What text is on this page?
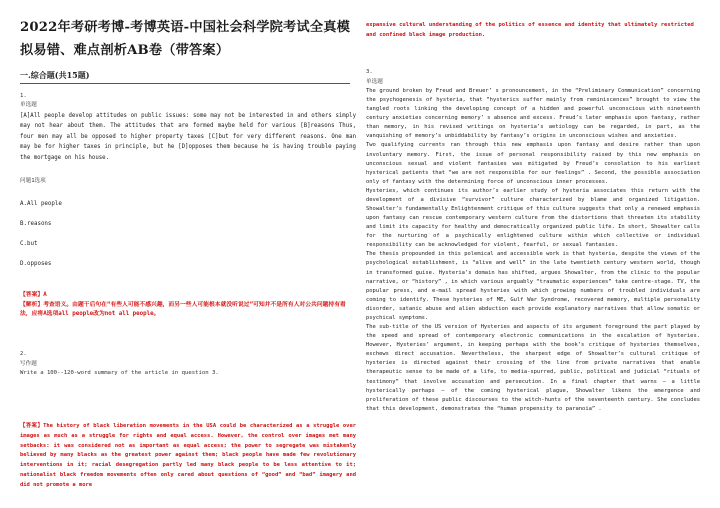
2022年考研考博-考博英语-中国社会科学院考试全真模拟易错、难点剖析AB卷（带答案）
一.综合题(共15题)
1.
单选题
[A]All people develop attitudes on public issues: some may not be interested in and others simply may not hear about them. The attitudes that are formed maybe held for various [B]reasons Thus, four men may all be opposed to higher property taxes [C]but for very different reasons. One man may be for higher taxes in principle, but he [D]opposes them because he is having trouble paying the mortgage on his house.
问题1选项
A.All people
B.reasons
C.but
D.opposes
【答案】A
【解析】考查语义。由题干后句在“有些人可能不感兴趣，而另一些人可能根本就没听说过”可知并不是所有人对公共问题持有看法，应将A选项all people改为not all people。
2.
写作题
Write a 100--120-word summary of the article in question 3.
【答案】The history of black liberation movements in the USA could be characterized as a struggle over images as much as a struggle for rights and equal access. However, the control over images met many setbacks: it was considered not as important as equal access; the power to segregate was mistakenly believed by many blacks as the greatest power against them; black people have made few revolutionary interventions in it; racial desegregation partly led many black people to be less attentive to it; nationalist black freedom movements often only cared about questions of “good” and “bad” imagery and did not promote a more
expansive cultural understanding of the politics of essence and identity that ultimately restricted and confined black image production.
3.
单选题
The ground broken by Freud and Breuer’ s pronouncement, in the “Preliminary Communication” concerning the psychogenesis of hysteria, that “hysterics suffer mainly from reminiscences” brought to view the tangled roots linking the developing concept of a hidden and powerful unconscious with nineteenth century anxieties concerning memory’ s absence and excess. Freud’s later emphasis upon fantasy, rather than memory, in his revised writings on hysteria’s aetiology can be regarded, in part, as the vanquishing of memory’s unbiddability by fantasy’s origins in unconscious wishes and anxieties.
Two qualifying currents ran through this new emphasis upon fantasy and desire rather than upon involuntary memory. First, the issue of personal responsibility raised by this new emphasis on unconscious sexual and violent fantasies was mitigated by Freud’s consolation to his earliest hysterical patients that “we are not responsible for our feelings” . Second, the possible association only of fantasy with the determining force of unconscious inner processes.
Hysteries, which continues its author’s earlier study of hysteria associates this return with the development of a divisive “survivor” culture characterized by blame and organized litigation. Showalter’s fundamentally Enlightenment critique of this culture suggests that only a renewed emphasis upon fantasy can rescue contemporary western culture from the distortions that threaten its stability and limit its capacity for healthy and democratically organized public life. In short, Showalter calls for the nurturing of a psychically enlightened culture within which collective or individual responsibility can be acknowledged for violent, fearful, or sexual fantasies.
The thesis propounded in this polemical and accessible work is that hysteria, despite the views of the psychological establishment, is “alive and well” in the late twentieth century western world, though in transformed guise. Hysteria’s domain has shifted, argues Showalter, from the clinic to the popular narrative, or “history” , in which various arguably “traumatic experiences” take centre-stage. TV, the popular press, and e-mail spread hysteries with which growing numbers of troubled individuals are coming to identify. These hysteries of ME, Gulf War Syndrome, recovered memory, multiple personality disorder, satanic abuse and alien abduction each provide explanatory narratives that allow somatic or psychical symptoms.
The sub-title of the US version of Hysteries and aspects of its argument foreground the part played by the speed and spread of contemporary electronic communications in the escalation of hysteries. However, Hysteries’ argument, in keeping perhaps with the book’s critique of hysteries themselves, eschews direct accusation. Nevertheless, the sharpest edge of Showalter’s cultural critique of hysteries is directed against their crossing of the line from private narratives that enable therapeutic sense to be made of a life, to media-spurred, public, political and judicial “rituals of testimony” that involve accusation and persecution. In a final chapter that warns — a little hysterically perhaps — of the coming hysterical plague, Showalter likens the emergence and proliferation of these public discourses to the witch-hunts of the seventeenth century. She concludes that this development, demonstrates the “human propensity to paranoia” .
